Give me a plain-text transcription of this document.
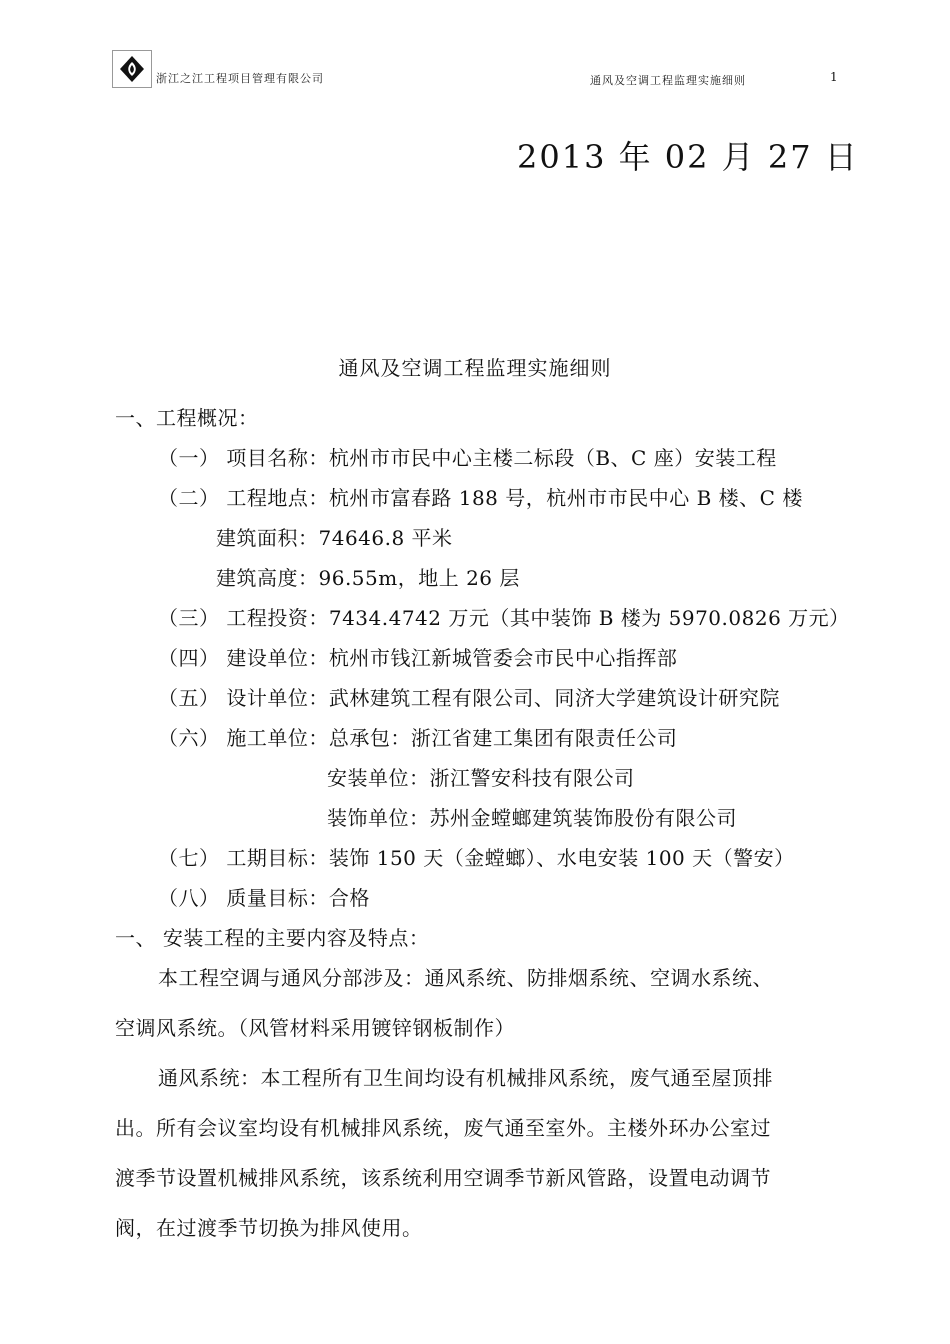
浙江之江工程项目管理有限公司	通风及空调工程监理实施细则	1
2013 年 02 月 27 日
通风及空调工程监理实施细则
一、工程概况：
（一） 项目名称：杭州市市民中心主楼二标段（B、C 座）安装工程
（二） 工程地点：杭州市富春路 188 号，杭州市市民中心 B 楼、C 楼
建筑面积：74646.8 平米
建筑高度：96.55m，地上 26 层
（三） 工程投资：7434.4742 万元（其中装饰 B 楼为 5970.0826 万元）
（四） 建设单位：杭州市钱江新城管委会市民中心指挥部
（五） 设计单位：武林建筑工程有限公司、同济大学建筑设计研究院
（六） 施工单位：总承包：浙江省建工集团有限责任公司
安装单位：浙江警安科技有限公司
装饰单位：苏州金螳螂建筑装饰股份有限公司
（七） 工期目标：装饰 150 天（金螳螂）、水电安装 100 天（警安）
（八） 质量目标：合格
一、 安装工程的主要内容及特点：
本工程空调与通风分部涉及：通风系统、防排烟系统、空调水系统、
空调风系统。（风管材料采用镀锌钢板制作）
通风系统：本工程所有卫生间均设有机械排风系统，废气通至屋顶排
出。所有会议室均设有机械排风系统，废气通至室外。主楼外环办公室过
渡季节设置机械排风系统，该系统利用空调季节新风管路，设置电动调节
阀，在过渡季节切换为排风使用。
